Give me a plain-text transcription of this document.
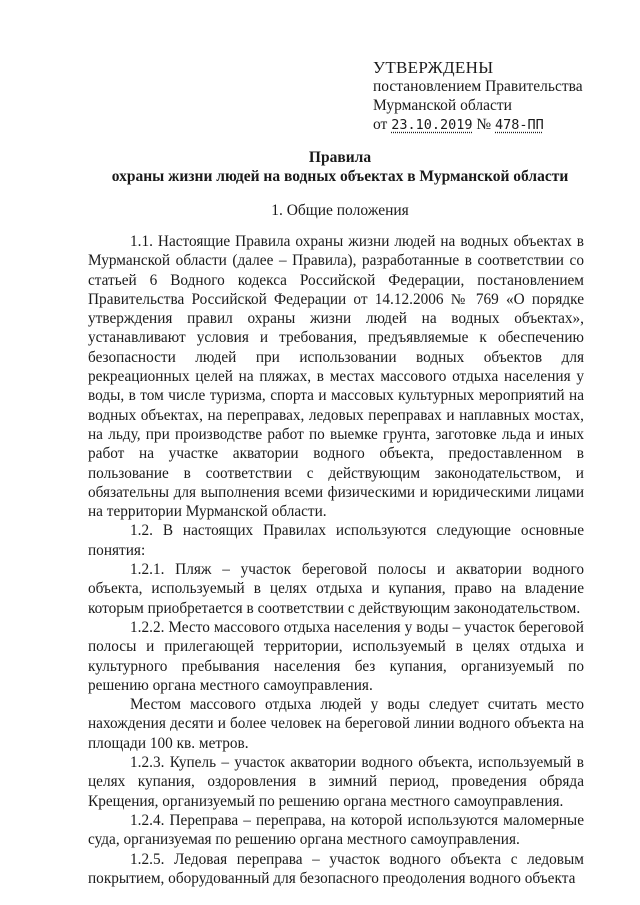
УТВЕРЖДЕНЫ
постановлением Правительства
Мурманской области
от 23.10.2019 № 478-ПП
Правила
охраны жизни людей на водных объектах в Мурманской области
1. Общие положения

1.1. Настоящие Правила охраны жизни людей на водных объектах в Мурманской области (далее – Правила), разработанные в соответствии со статьей 6 Водного кодекса Российской Федерации, постановлением Правительства Российской Федерации от 14.12.2006 № 769 «О порядке утверждения правил охраны жизни людей на водных объектах», устанавливают условия и требования, предъявляемые к обеспечению безопасности людей при использовании водных объектов для рекреационных целей на пляжах, в местах массового отдыха населения у воды, в том числе туризма, спорта и массовых культурных мероприятий на водных объектах, на переправах, ледовых переправах и наплавных мостах, на льду, при производстве работ по выемке грунта, заготовке льда и иных работ на участке акватории водного объекта, предоставленном в пользование в соответствии с действующим законодательством, и обязательны для выполнения всеми физическими и юридическими лицами на территории Мурманской области.

1.2. В настоящих Правилах используются следующие основные понятия:

1.2.1. Пляж – участок береговой полосы и акватории водного объекта, используемый в целях отдыха и купания, право на владение которым приобретается в соответствии с действующим законодательством.

1.2.2. Место массового отдыха населения у воды – участок береговой полосы и прилегающей территории, используемый в целях отдыха и культурного пребывания населения без купания, организуемый по решению органа местного самоуправления.

Местом массового отдыха людей у воды следует считать место нахождения десяти и более человек на береговой линии водного объекта на площади 100 кв. метров.

1.2.3. Купель – участок акватории водного объекта, используемый в целях купания, оздоровления в зимний период, проведения обряда Крещения, организуемый по решению органа местного самоуправления.

1.2.4. Переправа – переправа, на которой используются маломерные суда, организуемая по решению органа местного самоуправления.

1.2.5. Ледовая переправа – участок водного объекта с ледовым покрытием, оборудованный для безопасного преодоления водного объекта
